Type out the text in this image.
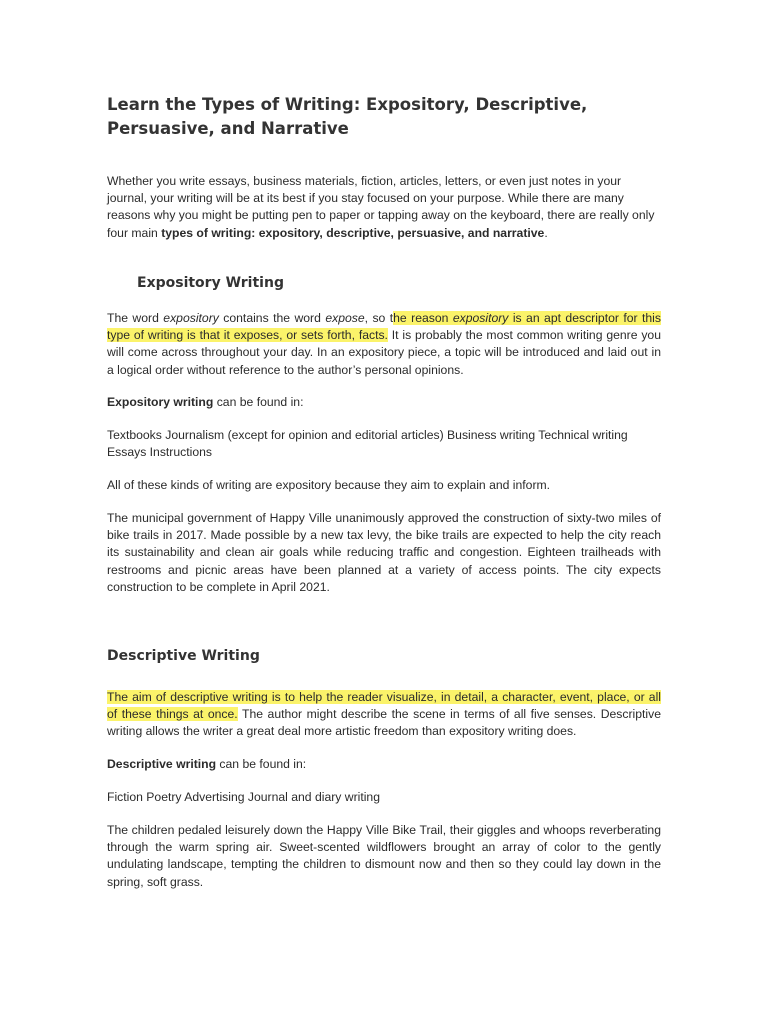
Learn the Types of Writing: Expository, Descriptive, Persuasive, and Narrative
Whether you write essays, business materials, fiction, articles, letters, or even just notes in your journal, your writing will be at its best if you stay focused on your purpose. While there are many reasons why you might be putting pen to paper or tapping away on the keyboard, there are really only four main types of writing: expository, descriptive, persuasive, and narrative.
Expository Writing
The word expository contains the word expose, so the reason expository is an apt descriptor for this type of writing is that it exposes, or sets forth, facts. It is probably the most common writing genre you will come across throughout your day. In an expository piece, a topic will be introduced and laid out in a logical order without reference to the author’s personal opinions.
Expository writing can be found in:
Textbooks Journalism (except for opinion and editorial articles) Business writing Technical writing Essays Instructions
All of these kinds of writing are expository because they aim to explain and inform.
The municipal government of Happy Ville unanimously approved the construction of sixty-two miles of bike trails in 2017. Made possible by a new tax levy, the bike trails are expected to help the city reach its sustainability and clean air goals while reducing traffic and congestion. Eighteen trailheads with restrooms and picnic areas have been planned at a variety of access points. The city expects construction to be complete in April 2021.
Descriptive Writing
The aim of descriptive writing is to help the reader visualize, in detail, a character, event, place, or all of these things at once. The author might describe the scene in terms of all five senses. Descriptive writing allows the writer a great deal more artistic freedom than expository writing does.
Descriptive writing can be found in:
Fiction Poetry Advertising Journal and diary writing
The children pedaled leisurely down the Happy Ville Bike Trail, their giggles and whoops reverberating through the warm spring air. Sweet-scented wildflowers brought an array of color to the gently undulating landscape, tempting the children to dismount now and then so they could lay down in the spring, soft grass.
